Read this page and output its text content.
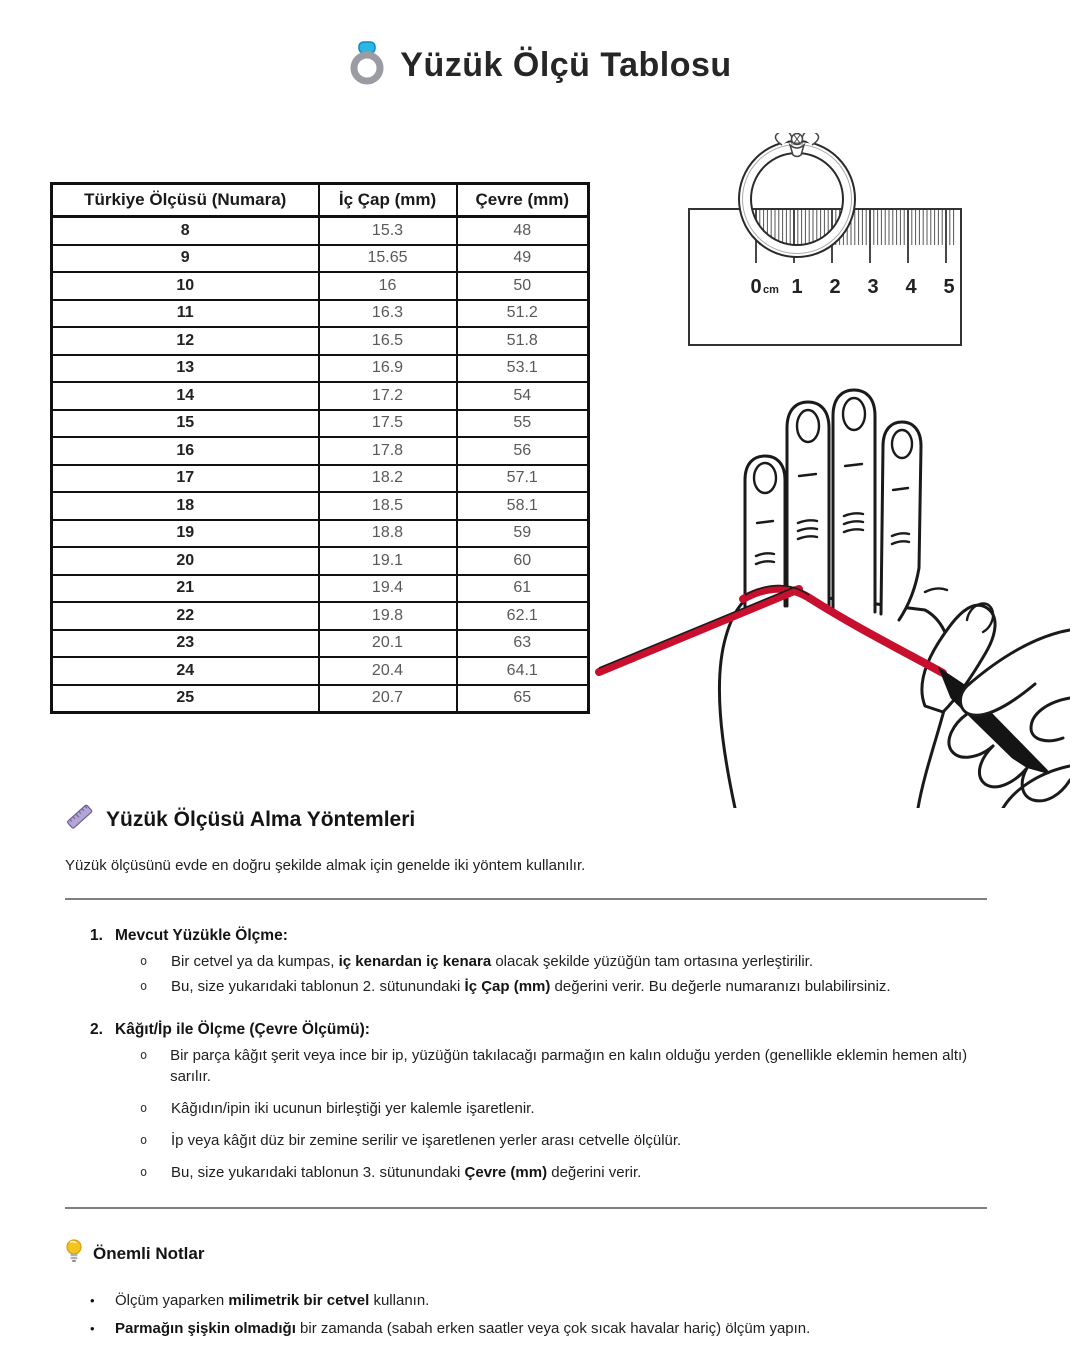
Yüzük Ölçü Tablosu
Türkiye Ölçüsü (Numara)	İç Çap (mm)	Çevre (mm)
8	15.3	48
9	15.65	49
10	16	50
11	16.3	51.2
12	16.5	51.8
13	16.9	53.1
14	17.2	54
15	17.5	55
16	17.8	56
17	18.2	57.1
18	18.5	58.1
19	18.8	59
20	19.1	60
21	19.4	61
22	19.8	62.1
23	20.1	63
24	20.4	64.1
25	20.7	65
0 cm 1 2 3 4 5
Yüzük Ölçüsü Alma Yöntemleri
Yüzük ölçüsünü evde en doğru şekilde almak için genelde iki yöntem kullanılır.
1. Mevcut Yüzükle Ölçme:
o	Bir cetvel ya da kumpas, iç kenardan iç kenara olacak şekilde yüzüğün tam ortasına yerleştirilir.
o	Bu, size yukarıdaki tablonun 2. sütunundaki İç Çap (mm) değerini verir. Bu değerle numaranızı bulabilirsiniz.
2. Kâğıt/İp ile Ölçme (Çevre Ölçümü):
o	Bir parça kâğıt şerit veya ince bir ip, yüzüğün takılacağı parmağın en kalın olduğu yerden (genellikle eklemin hemen altı) sarılır.
o	Kâğıdın/ipin iki ucunun birleştiği yer kalemle işaretlenir.
o	İp veya kâğıt düz bir zemine serilir ve işaretlenen yerler arası cetvelle ölçülür.
o	Bu, size yukarıdaki tablonun 3. sütunundaki Çevre (mm) değerini verir.
Önemli Notlar
•	Ölçüm yaparken milimetrik bir cetvel kullanın.
•	Parmağın şişkin olmadığı bir zamanda (sabah erken saatler veya çok sıcak havalar hariç) ölçüm yapın.
